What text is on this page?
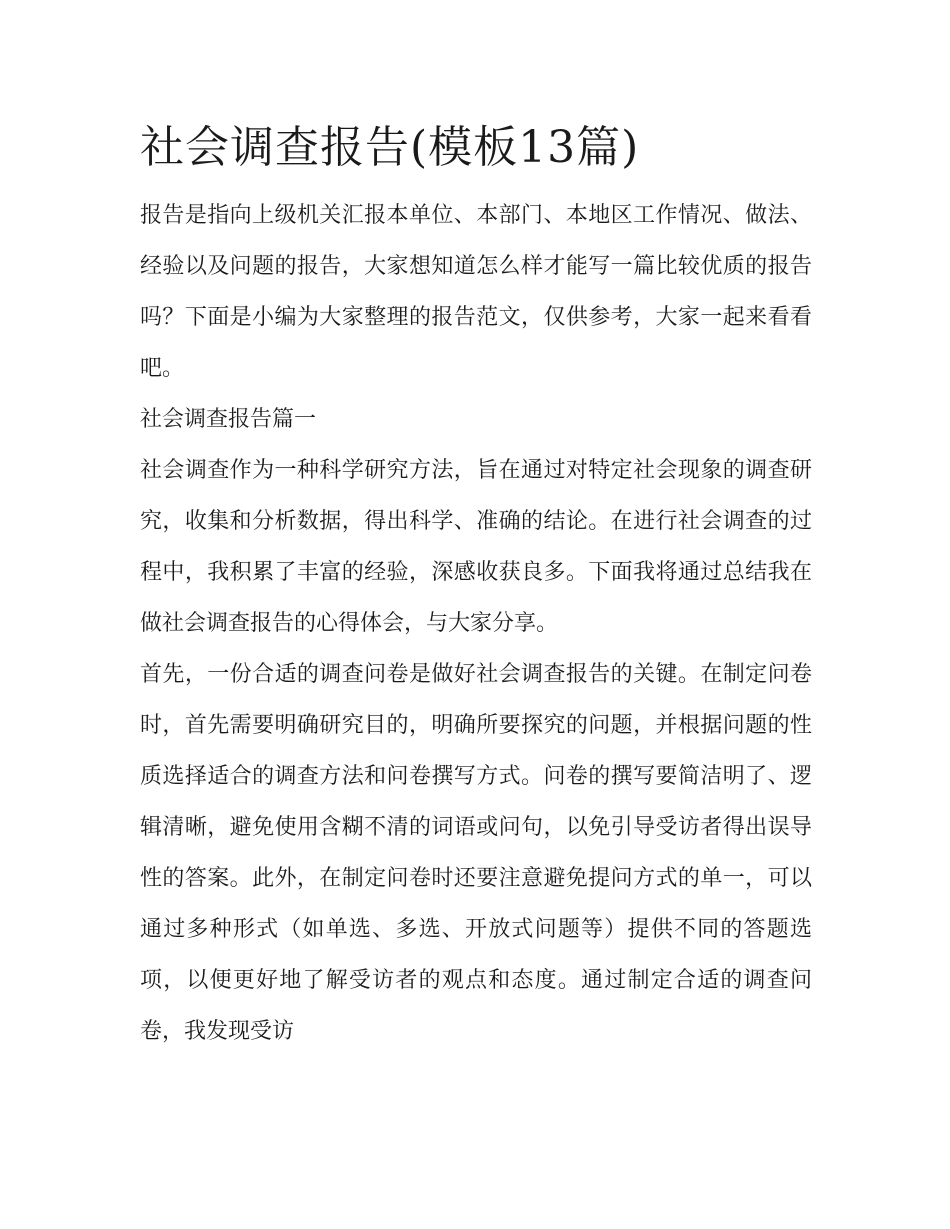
社会调查报告(模板13篇)

报告是指向上级机关汇报本单位、本部门、本地区工作情况、做法、经验以及问题的报告，大家想知道怎么样才能写一篇比较优质的报告吗？下面是小编为大家整理的报告范文，仅供参考，大家一起来看看吧。

社会调查报告篇一

社会调查作为一种科学研究方法，旨在通过对特定社会现象的调查研究，收集和分析数据，得出科学、准确的结论。在进行社会调查的过程中，我积累了丰富的经验，深感收获良多。下面我将通过总结我在做社会调查报告的心得体会，与大家分享。

首先，一份合适的调查问卷是做好社会调查报告的关键。在制定问卷时，首先需要明确研究目的，明确所要探究的问题，并根据问题的性质选择适合的调查方法和问卷撰写方式。问卷的撰写要简洁明了、逻辑清晰，避免使用含糊不清的词语或问句，以免引导受访者得出误导性的答案。此外，在制定问卷时还要注意避免提问方式的单一，可以通过多种形式（如单选、多选、开放式问题等）提供不同的答题选项，以便更好地了解受访者的观点和态度。通过制定合适的调查问卷，我发现受访
